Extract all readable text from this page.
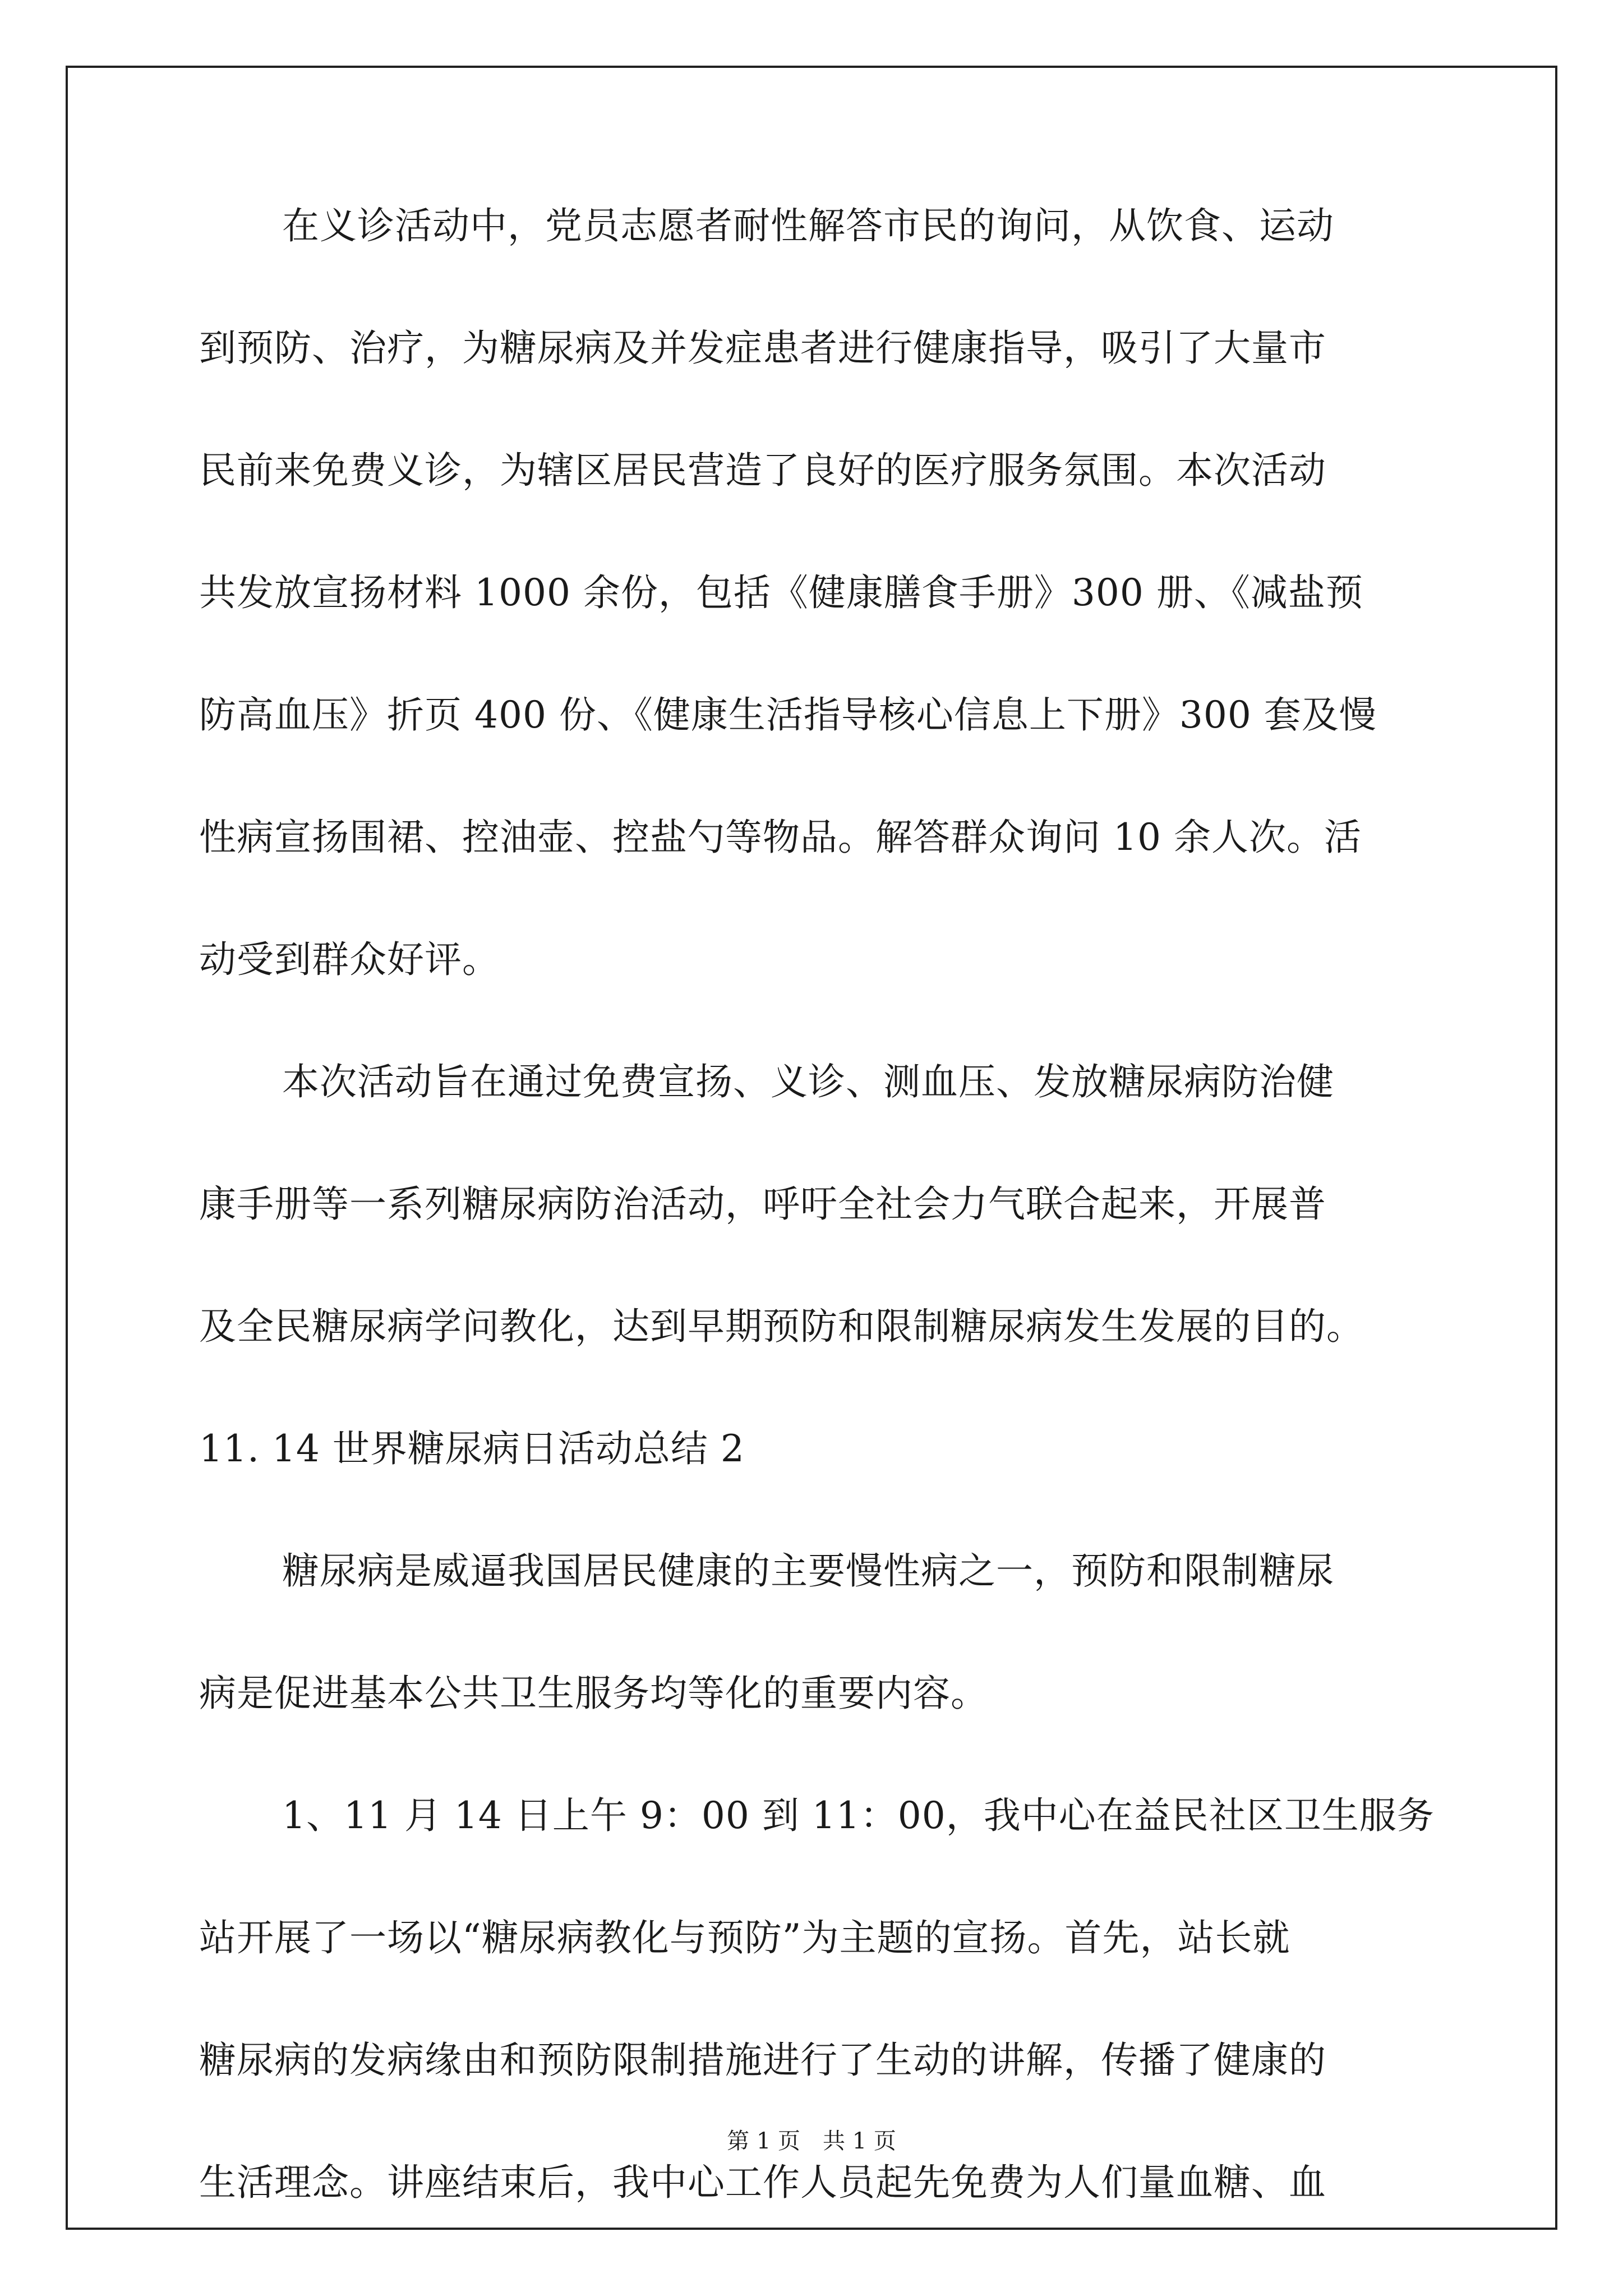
在义诊活动中，党员志愿者耐性解答市民的询问，从饮食、运动
到预防、治疗，为糖尿病及并发症患者进行健康指导，吸引了大量市
民前来免费义诊，为辖区居民营造了良好的医疗服务氛围。本次活动
共发放宣扬材料 1000 余份，包括《健康膳食手册》300 册、《减盐预
防高血压》折页 400 份、《健康生活指导核心信息上下册》300 套及慢
性病宣扬围裙、控油壶、控盐勺等物品。解答群众询问 10 余人次。活
动受到群众好评。
本次活动旨在通过免费宣扬、义诊、测血压、发放糖尿病防治健
康手册等一系列糖尿病防治活动，呼吁全社会力气联合起来，开展普
及全民糖尿病学问教化，达到早期预防和限制糖尿病发生发展的目的。
11. 14 世界糖尿病日活动总结 2
糖尿病是威逼我国居民健康的主要慢性病之一，预防和限制糖尿
病是促进基本公共卫生服务均等化的重要内容。
1、11 月 14 日上午 9：00 到 11：00，我中心在益民社区卫生服务
站开展了一场以“糖尿病教化与预防”为主题的宣扬。首先，站长就
糖尿病的发病缘由和预防限制措施进行了生动的讲解，传播了健康的
生活理念。讲座结束后，我中心工作人员起先免费为人们量血糖、血
第 1 页　共 1 页
